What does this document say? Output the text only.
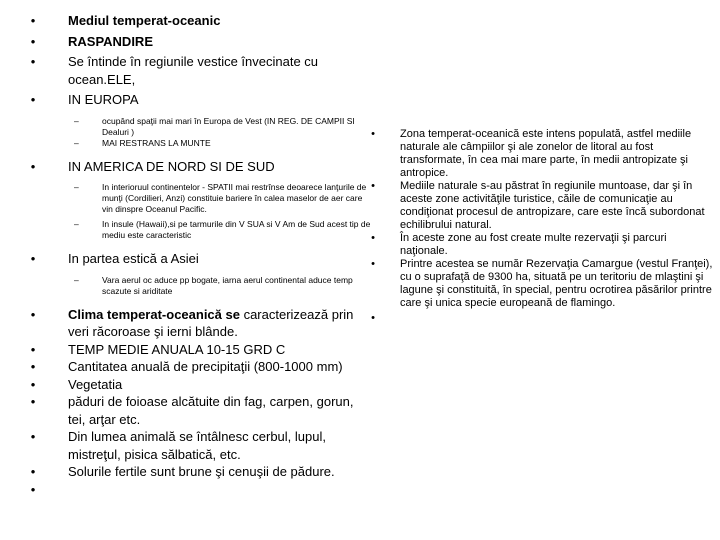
•	Mediul temperat-oceanic
•	RASPANDIRE
•	Se întinde în regiunile vestice învecinate cu ocean.ELE,
•	IN EUROPA
–	ocupând spaţii mai mari în Europa de Vest (IN REG. DE CAMPII SI Dealuri )
–	MAI RESTRANS LA MUNTE
•	IN AMERICA DE NORD SI DE SUD
–	In interioruul continentelor - SPATII mai restrînse deoarece lanţurile de munţi (Cordilieri, Anzi) constituie bariere în calea maselor de aer care vin dinspre Oceanul Pacific.
–	In insule (Hawaii),si pe tarmurile din V SUA si V Am de Sud acest tip de mediu este caracteristic
•	In partea estică a Asiei
–	Vara aerul oc aduce pp bogate, iarna aerul continental aduce temp scazute si ariditate
•	Clima temperat-oceanică se caracterizează prin veri răcoroase şi ierni blânde.
•	TEMP MEDIE ANUALA 10-15 GRD C
•	Cantitatea anuală de precipitaţii (800-1000 mm)
•	Vegetatia
•	păduri de foioase alcătuite din fag, carpen, gorun, tei, arţar etc.
•	Din lumea animală se întâlnesc cerbul, lupul, mistreţul, pisica sălbatică, etc.
•	Solurile fertile sunt brune şi cenuşii de pădure.
•
• Zona temperat-oceanică este intens populată, astfel mediile naturale ale câmpiilor şi ale zonelor de litoral au fost transformate, în cea mai mare parte, în medii antropizate şi antropice.
• Mediile naturale s-au păstrat în regiunile muntoase, dar şi în aceste zone activităţile turistice, căile de comunicaţie au condiţionat procesul de antropizare, care este încă subordonat echilibrului natural.
• În aceste zone au fost create multe rezervaţii şi parcuri naţionale.
• Printre acestea se număr Rezervaţia Camargue (vestul Franţei), cu o suprafaţă de 9300 ha, situată pe un teritoriu de mlaştini şi lagune şi constituită, în special, pentru ocrotirea păsărilor printre care şi unica specie europeană de flamingo.
•
